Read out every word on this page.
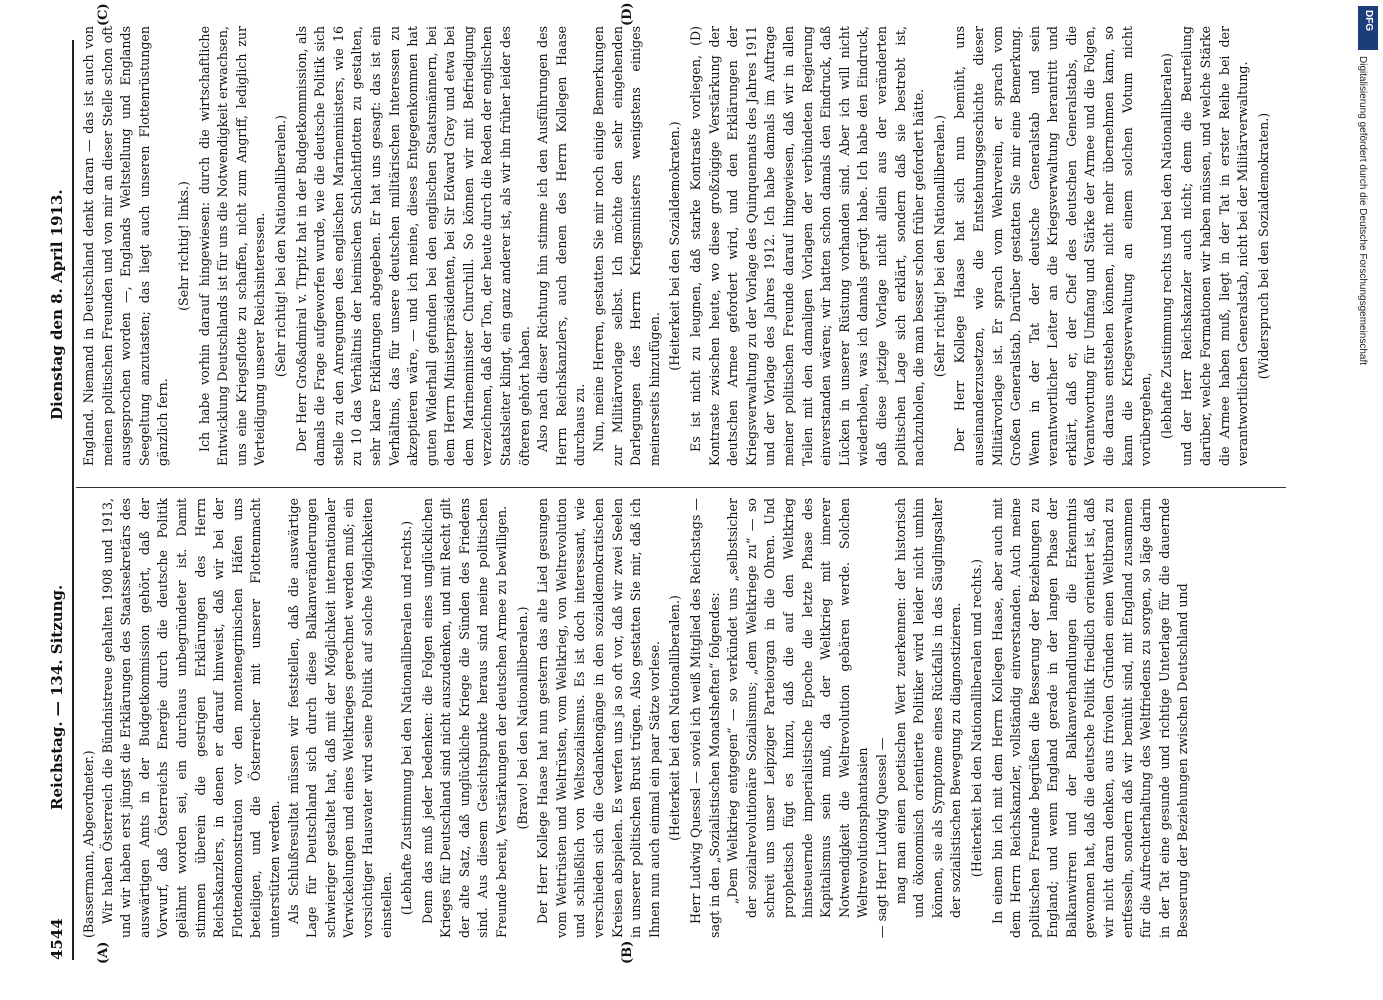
4544
Reichstag. — 134. Sitzung.
Dienstag den 8. April 1913.
(A)	(B)
(C)	(D)

(Bassermann, Abgeordneter.) Wir haben Österreich die Bündnistreue gehalten 1908 und 1913, und wir haben erst jüngst die Erklärungen des Staatssekretärs des auswärtigen Amts in der Budgetkommission gehört, daß der Vorwurf, daß Österreichs Energie durch die deutsche Politik gelähmt worden sei, ein durchaus unbegründeter ist. Damit stimmen überein die gestrigen Erklärungen des Herrn Reichskanzlers, in denen er darauf hinweist, daß wir bei der Flottendemonstration vor den montenegrinischen Häfen uns beteiligen, und die Österreicher mit unserer Flottenmacht unterstützen werden. Als Schlußresultat müssen wir feststellen, daß die auswärtige Lage für Deutschland sich durch diese Balkanveränderungen schwieriger gestaltet hat, daß mit der Möglichkeit internationaler Verwickelungen und eines Weltkrieges gerechnet werden muß; ein vorsichtiger Hausvater wird seine Politik auf solche Möglichkeiten einstellen. (Lebhafte Zustimmung bei den Nationalliberalen und rechts.) Denn das muß jeder bedenken: die Folgen eines unglücklichen Krieges für Deutschland sind nicht auszudenken, und mit Recht gilt der alte Satz, daß unglückliche Kriege die Sünden des Friedens sind. Aus diesem Gesichtspunkte heraus sind meine politischen Freunde bereit, Verstärkungen der deutschen Armee zu bewilligen. (Bravo! bei den Nationalliberalen.) Der Herr Kollege Haase hat nun gestern das alte Lied gesungen vom Wettrüsten und Weltrüsten, vom Weltkrieg, von Weltrevolution und schließlich von Weltsozialismus. Es ist doch interessant, wie verschieden sich die Gedankengänge in den sozialdemokratischen Kreisen abspielen. Es werfen uns ja so oft vor, daß wir zwei Seelen in unserer politischen Brust trügen. Also gestatten Sie mir, daß ich Ihnen nun auch einmal ein paar Sätze vorlese. (Heiterkeit bei den Nationalliberalen.) Herr Ludwig Quessel — soviel ich weiß Mitglied des Reichstags — sagt in den „Sozialistischen Monatsheften“ folgendes: „Dem Weltkrieg entgegen“ — so verkündet uns „selbstsicher der sozialrevolutionäre Sozialismus; „dem Weltkriege zu“ — so schreit uns unser Leipziger Parteiorgan in die Ohren. Und prophetisch fügt es hinzu, daß die auf den Weltkrieg hinsteuernde imperialistische Epoche die letzte Phase des Kapitalismus sein muß, da der Weltkrieg mit innerer Notwendigkeit die Weltrevolution gebären werde. Solchen Weltrevolutionsphantasien — sagt Herr Ludwig Quessel — mag man einen poetischen Wert zuerkennen: der historisch und ökonomisch orientierte Politiker wird leider nicht umhin können, sie als Symptome eines Rückfalls in das Säuglingsalter der sozialistischen Bewegung zu diagnostizieren. (Heiterkeit bei den Nationalliberalen und rechts.) In einem bin ich mit dem Herrn Kollegen Haase, aber auch mit dem Herrn Reichskanzler, vollständig einverstanden. Auch meine politischen Freunde begrüßen die Besserung der Beziehungen zu England; und wenn England gerade in der langen Phase der Balkanwirren und der Balkanverhandlungen die Erkenntnis gewonnen hat, daß die deutsche Politik friedlich orientiert ist, daß wir nicht daran denken, aus frivolen Gründen einen Weltbrand zu entfesseln, sondern daß wir bemüht sind, mit England zusammen für die Aufrechterhaltung des Weltfriedens zu sorgen, so läge darin in der Tat eine gesunde und richtige Unterlage für die dauernde Besserung der Beziehungen zwischen Deutschland und

England. Niemand in Deutschland denkt daran — das ist auch von meinen politischen Freunden und von mir an dieser Stelle schon oft ausgesprochen worden —, Englands Weltstellung und Englands Seegeltung anzutasten; das liegt auch unseren Flottenrüstungen gänzlich fern.

(Sehr richtig! links.) Ich habe vorhin darauf hingewiesen: durch die wirtschaftliche Entwicklung Deutschlands ist für uns die Notwendigkeit erwachsen, uns eine Kriegsflotte zu schaffen, nicht zum Angriff, lediglich zur Verteidigung unserer Reichsinteressen. (Sehr richtig! bei den Nationalliberalen.) Der Herr Großadmiral v. Tirpitz hat in der Budgetkommission, als damals die Frage aufgeworfen wurde, wie die deutsche Politik sich stelle zu den Anregungen des englischen Marineministers, wie 16 zu 10 das Verhältnis der heimischen Schlachtflotten zu gestalten, sehr klare Erklärungen abgegeben. Er hat uns gesagt: das ist ein Verhältnis, das für unsere deutschen militärischen Interessen zu akzeptieren wäre, — und ich meine, dieses Entgegenkommen hat guten Widerhall gefunden bei den englischen Staatsmännern, bei dem Herrn Ministerpräsidenten, bei Sir Edward Grey und etwa bei dem Marineminister Churchill. So können wir mit Befriedigung verzeichnen, daß der Ton, der heute durch die Reden der englischen Staatsleiter klingt, ein ganz anderer ist, als wir ihn früher leider des öfteren gehört haben. Also nach dieser Richtung hin stimme ich den Ausführungen des Herrn Reichskanzlers, auch denen des Herrn Kollegen Haase durchaus zu. Nun, meine Herren, gestatten Sie mir noch einige Bemerkungen zur Militärvorlage selbst. Ich möchte den sehr eingehenden Darlegungen des Herrn Kriegsministers wenigstens einiges meinerseits hinzufügen.

(Heiterkeit bei den Sozialdemokraten.) Es ist nicht zu leugnen, daß starke Kontraste vorliegen, (D) Kontraste zwischen heute, wo diese großzügige Verstärkung der deutschen Armee gefordert wird, und den Erklärungen der Kriegsverwaltung zu der Vorlage des Quinquennats des Jahres 1911 und der Vorlage des Jahres 1912. Ich habe damals im Auftrage meiner politischen Freunde darauf hingewiesen, daß wir in allen Teilen mit den damaligen Vorlagen der verbündeten Regierung einverstanden wären; wir hatten schon damals den Eindruck, daß Lücken in unserer Rüstung vorhanden sind. Aber ich will nicht wiederholen, was ich damals gerügt habe. Ich habe den Eindruck, daß diese jetzige Vorlage nicht allein aus der veränderten politischen Lage sich erklärt, sondern daß sie bestrebt ist, nachzuholen, die man besser schon früher gefordert hätte. (Sehr richtig! bei den Nationalliberalen.) Der Herr Kollege Haase hat sich nun bemüht, uns auseinanderzusetzen, wie die Entstehungsgeschichte dieser Militärvorlage ist. Er sprach vom Wehrverein, er sprach vom Großen Generalstab. Darüber gestatten Sie mir eine Bemerkung. Wenn in der Tat der deutsche Generalstab und sein verantwortlicher Leiter an die Kriegsverwaltung herantritt und erklärt, daß er, der Chef des deutschen Generalstabs, die Verantwortung für Umfang und Stärke der Armee und die Folgen, die daraus entstehen können, nicht mehr übernehmen kann, so kann die Kriegsverwaltung an einem solchen Votum nicht vorübergehen, (lebhafte Zustimmung rechts und bei den Nationalliberalen) und der Herr Reichskanzler auch nicht; denn die Beurteilung darüber, welche Formationen wir haben müssen, und welche Stärke die Armee haben muß, liegt in der Tat in erster Reihe bei der verantwortlichen Generalstab, nicht bei der Militärverwaltung. (Widerspruch bei den Sozialdemokraten.)

DFG
Digitalisierung gefördert durch die Deutsche Forschungsgemeinschaft
